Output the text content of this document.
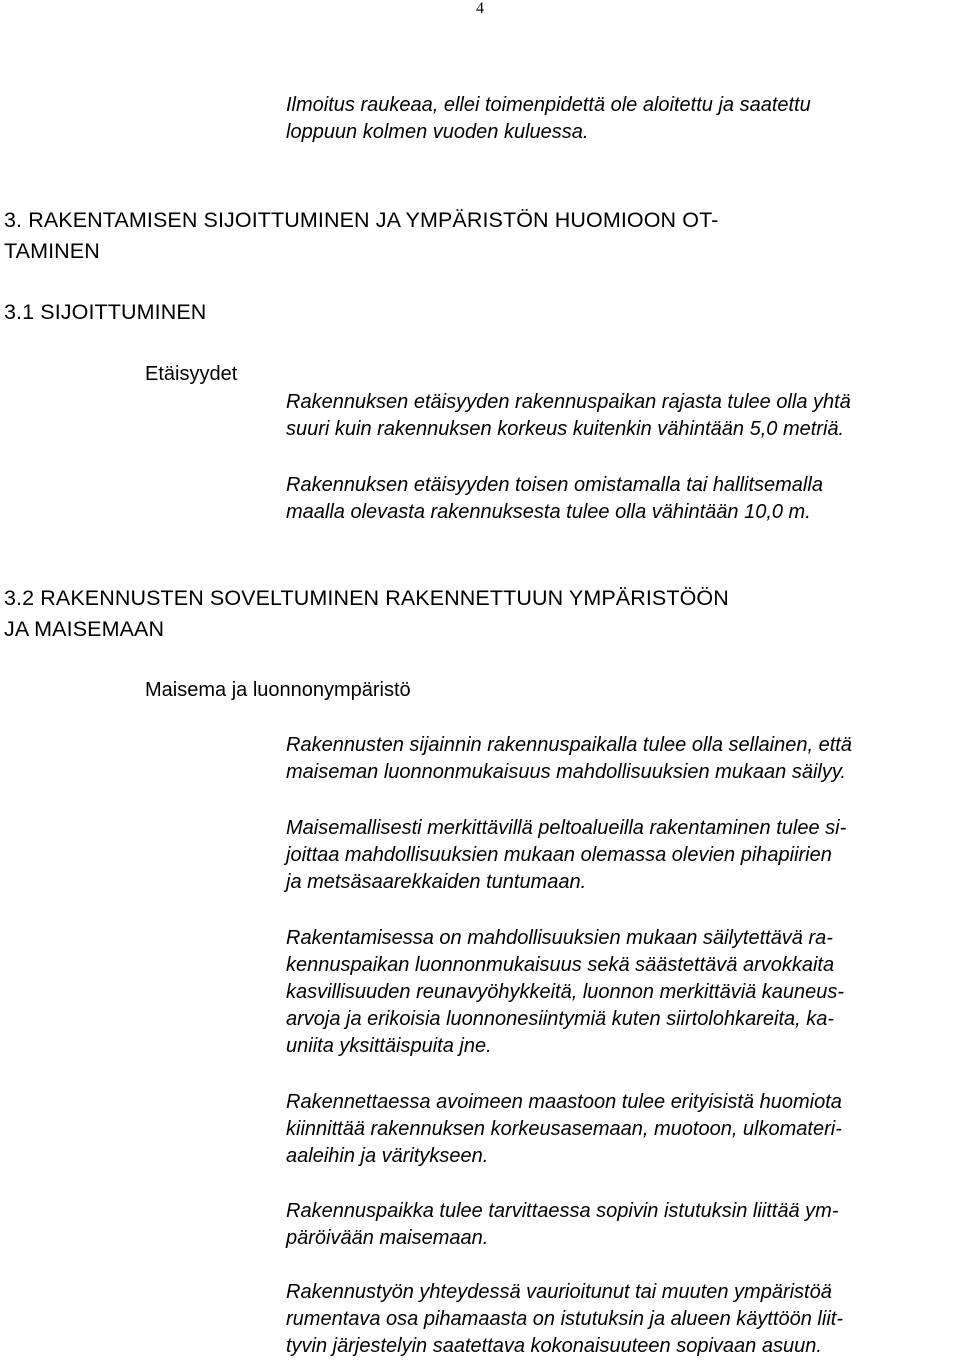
4

Ilmoitus raukeaa, ellei toimenpidettä ole aloitettu ja saatettu
loppuun kolmen vuoden kuluessa.

3. RAKENTAMISEN SIJOITTUMINEN JA YMPÄRISTÖN HUOMIOON OT-
TAMINEN
3.1 SIJOITTUMINEN
Etäisyydet

Rakennuksen etäisyyden rakennuspaikan rajasta tulee olla yhtä
suuri kuin rakennuksen korkeus kuitenkin vähintään 5,0 metriä.

Rakennuksen etäisyyden toisen omistamalla tai hallitsemalla
maalla olevasta rakennuksesta tulee olla vähintään 10,0 m.

3.2 RAKENNUSTEN SOVELTUMINEN RAKENNETTUUN YMPÄRISTÖÖN
JA MAISEMAAN
Maisema ja luonnonympäristö

Rakennusten sijainnin rakennuspaikalla tulee olla sellainen, että
maiseman luonnonmukaisuus mahdollisuuksien mukaan säilyy.

Maisemallisesti merkittävillä peltoalueilla rakentaminen tulee si-
joittaa mahdollisuuksien mukaan olemassa olevien pihapiirien
ja metsäsaarekkaiden tuntumaan.

Rakentamisessa on mahdollisuuksien mukaan säilytettävä ra-
kennuspaikan luonnonmukaisuus sekä säästettävä arvokkaita
kasvillisuuden reunavyöhykkeitä, luonnon merkittäviä kauneus-
arvoja ja erikoisia luonnonesiintymiä kuten siirtolohkareita, ka-
uniita yksittäispuita jne.

Rakennettaessa avoimeen maastoon tulee erityisistä huomiota
kiinnittää rakennuksen korkeusasemaan, muotoon, ulkomateri-
aaleihin ja väritykseen.

Rakennuspaikka tulee tarvittaessa sopivin istutuksin liittää ym-
päröivään maisemaan.

Rakennustyön yhteydessä vaurioitunut tai muuten ympäristöä
rumentava osa pihamaasta on istutuksin ja alueen käyttöön liit-
tyvin järjestelyin saatettava kokonaisuuteen sopivaan asuun.
